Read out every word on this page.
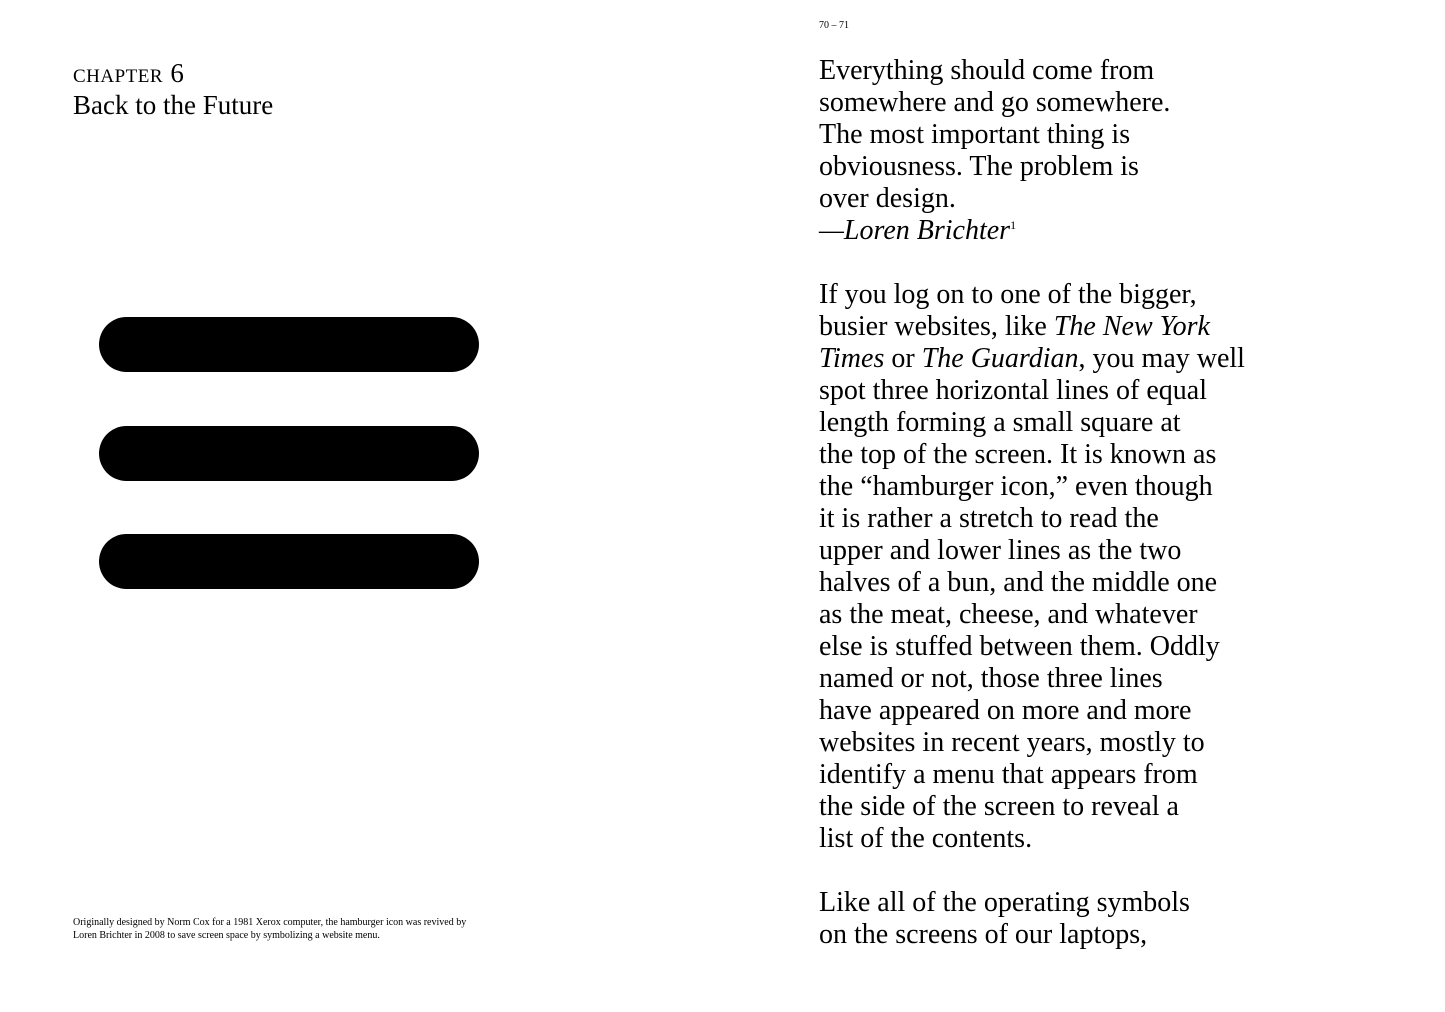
chapter 6
Back to the Future
Originally designed by Norm Cox for a 1981 Xerox computer, the hamburger icon was revived by
Loren Brichter in 2008 to save screen space by symbolizing a website menu.
70 – 71
Everything should come from
somewhere and go somewhere.
The most important thing is
obviousness. The problem is
over design.
—Loren Brichter$^1$
If you log on to one of the bigger,
busier websites, like The New York
Times or The Guardian, you may well
spot three horizontal lines of equal
length forming a small square at
the top of the screen. It is known as
the “hamburger icon,” even though
it is rather a stretch to read the
upper and lower lines as the two
halves of a bun, and the middle one
as the meat, cheese, and whatever
else is stuffed between them. Oddly
named or not, those three lines
have appeared on more and more
websites in recent years, mostly to
identify a menu that appears from
the side of the screen to reveal a
list of the contents.
Like all of the operating symbols
on the screens of our laptops,
